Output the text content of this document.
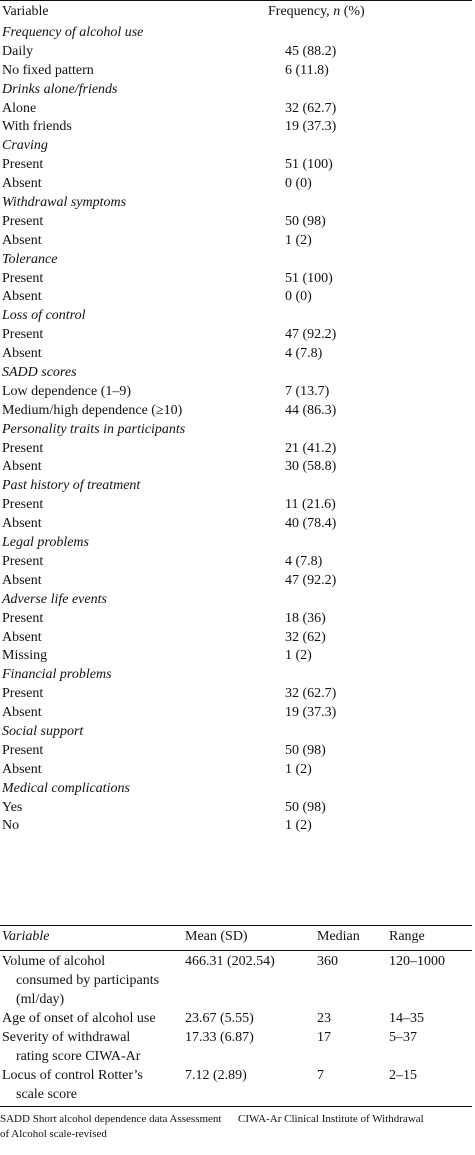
Variable	Frequency, n (%)
Frequency of alcohol use
Daily	45 (88.2)
No fixed pattern	6 (11.8)
Drinks alone/friends
Alone	32 (62.7)
With friends	19 (37.3)
Craving
Present	51 (100)
Absent	0 (0)
Withdrawal symptoms
Present	50 (98)
Absent	1 (2)
Tolerance
Present	51 (100)
Absent	0 (0)
Loss of control
Present	47 (92.2)
Absent	4 (7.8)
SADD scores
Low dependence (1–9)	7 (13.7)
Medium/high dependence (≥10)	44 (86.3)
Personality traits in participants
Present	21 (41.2)
Absent	30 (58.8)
Past history of treatment
Present	11 (21.6)
Absent	40 (78.4)
Legal problems
Present	4 (7.8)
Absent	47 (92.2)
Adverse life events
Present	18 (36)
Absent	32 (62)
Missing	1 (2)
Financial problems
Present	32 (62.7)
Absent	19 (37.3)
Social support
Present	50 (98)
Absent	1 (2)
Medical complications
Yes	50 (98)
No	1 (2)
Variable	Mean (SD)	Median Range
Volume of alcohol
consumed by participants (ml/day)
466.31 (202.54)	360	120–1000
Age of onset of alcohol use	23.67 (5.55)	23	14–35
Severity of withdrawal
rating score CIWA-Ar
17.33 (6.87)	17	5–37
Locus of control Rotter’s
scale score
7.12 (2.89)	7	2–15
SADD Short alcohol dependence data Assessment of Alcohol scale-revised
CIWA-Ar Clinical Institute of Withdrawal
